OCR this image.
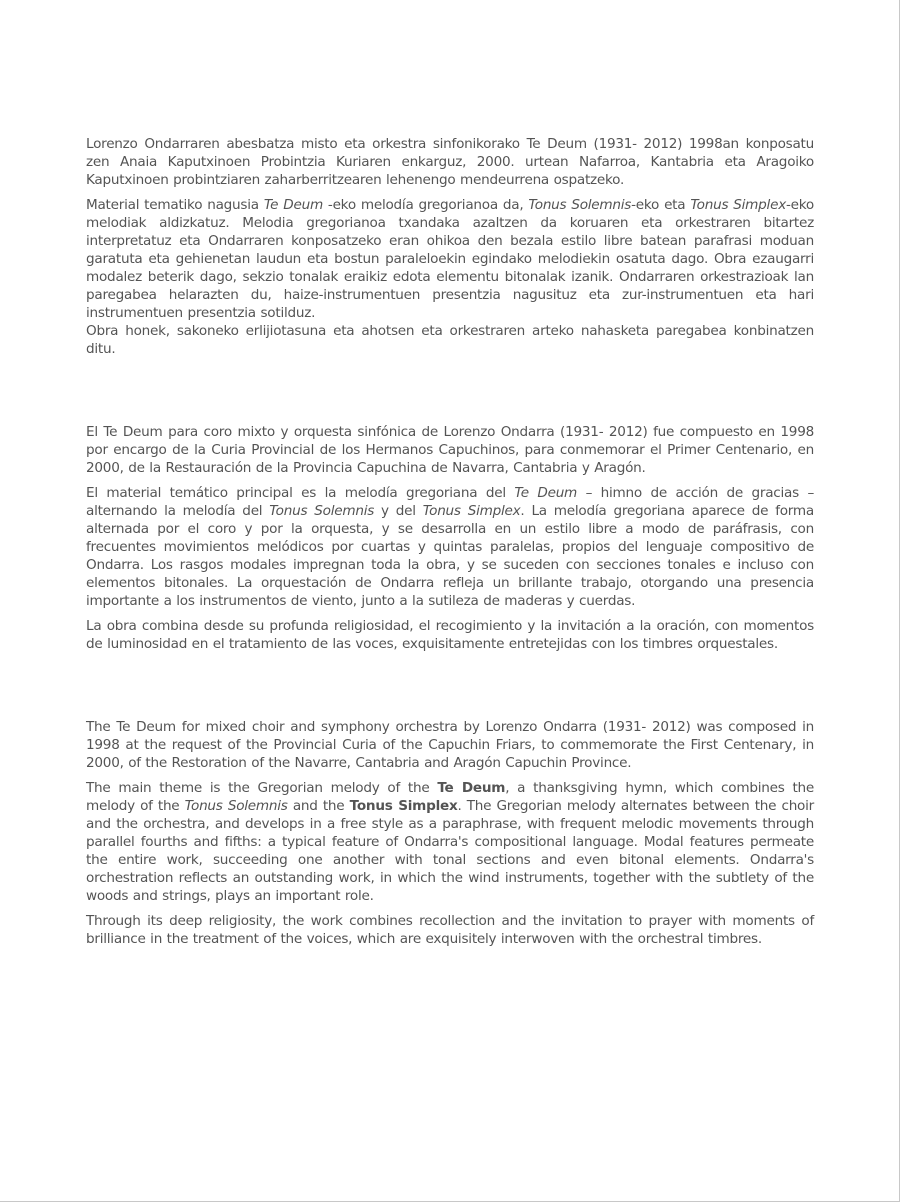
Lorenzo Ondarraren abesbatza misto eta orkestra sinfonikorako Te Deum (1931- 2012) 1998an konposatu zen Anaia Kaputxinoen Probintzia Kuriaren enkarguz, 2000. urtean Nafarroa, Kantabria eta Aragoiko Kaputxinoen probintziaren zaharberritzearen lehenengo mendeurrena ospatzeko.

Material tematiko nagusia Te Deum -eko melodía gregorianoa da, Tonus Solemnis-eko eta Tonus Simplex-eko melodiak aldizkatuz. Melodia gregorianoa txandaka azaltzen da koruaren eta orkestraren bitartez interpretatuz eta Ondarraren konposatzeko eran ohikoa den bezala estilo libre batean parafrasi moduan garatuta eta gehienetan laudun eta bostun paraleloekin egindako melodiekin osatuta dago. Obra ezaugarri modalez beterik dago, sekzio tonalak eraikiz edota elementu bitonalak izanik. Ondarraren orkestrazioak lan paregabea helarazten du, haize-instrumentuen presentzia nagusituz eta zur-instrumentuen eta hari instrumentuen presentzia sotilduz.

Obra honek, sakoneko erlijiotasuna eta ahotsen eta orkestraren arteko nahasketa paregabea konbinatzen ditu.

El Te Deum para coro mixto y orquesta sinfónica de Lorenzo Ondarra (1931- 2012) fue compuesto en 1998 por encargo de la Curia Provincial de los Hermanos Capuchinos, para conmemorar el Primer Centenario, en 2000, de la Restauración de la Provincia Capuchina de Navarra, Cantabria y Aragón.

El material temático principal es la melodía gregoriana del Te Deum – himno de acción de gracias – alternando la melodía del Tonus Solemnis y del Tonus Simplex. La melodía gregoriana aparece de forma alternada por el coro y por la orquesta, y se desarrolla en un estilo libre a modo de paráfrasis, con frecuentes movimientos melódicos por cuartas y quintas paralelas, propios del lenguaje compositivo de Ondarra. Los rasgos modales impregnan toda la obra, y se suceden con secciones tonales e incluso con elementos bitonales. La orquestación de Ondarra refleja un brillante trabajo, otorgando una presencia importante a los instrumentos de viento, junto a la sutileza de maderas y cuerdas.

La obra combina desde su profunda religiosidad, el recogimiento y la invitación a la oración, con momentos de luminosidad en el tratamiento de las voces, exquisitamente entretejidas con los timbres orquestales.

The Te Deum for mixed choir and symphony orchestra by Lorenzo Ondarra (1931- 2012) was composed in 1998 at the request of the Provincial Curia of the Capuchin Friars, to commemorate the First Centenary, in 2000, of the Restoration of the Navarre, Cantabria and Aragón Capuchin Province.

The main theme is the Gregorian melody of the Te Deum, a thanksgiving hymn, which combines the melody of the Tonus Solemnis and the Tonus Simplex. The Gregorian melody alternates between the choir and the orchestra, and develops in a free style as a paraphrase, with frequent melodic movements through parallel fourths and fifths: a typical feature of Ondarra's compositional language. Modal features permeate the entire work, succeeding one another with tonal sections and even bitonal elements. Ondarra's orchestration reflects an outstanding work, in which the wind instruments, together with the subtlety of the woods and strings, plays an important role.

Through its deep religiosity, the work combines recollection and the invitation to prayer with moments of brilliance in the treatment of the voices, which are exquisitely interwoven with the orchestral timbres.
